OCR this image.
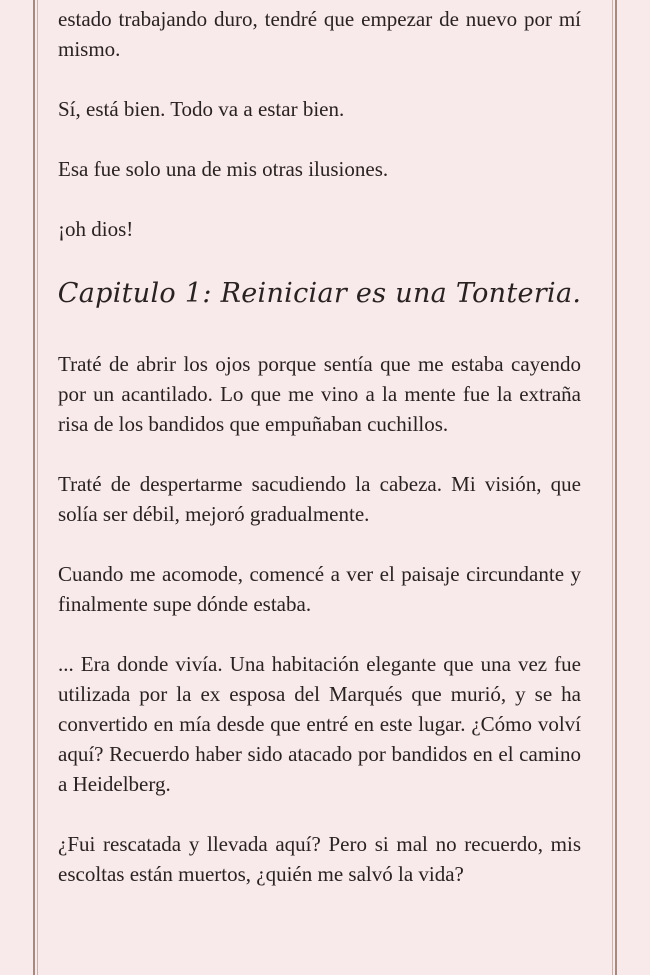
estado trabajando duro, tendré que empezar de nuevo por mí mismo.

Sí, está bien. Todo va a estar bien.

Esa fue solo una de mis otras ilusiones.

¡oh dios!

Capitulo 1: Reiniciar es una Tonteria.

Traté de abrir los ojos porque sentía que me estaba cayendo por un acantilado. Lo que me vino a la mente fue la extraña risa de los bandidos que empuñaban cuchillos.

Traté de despertarme sacudiendo la cabeza. Mi visión, que solía ser débil, mejoró gradualmente.

Cuando me acomode, comencé a ver el paisaje circundante y finalmente supe dónde estaba.

... Era donde vivía. Una habitación elegante que una vez fue utilizada por la ex esposa del Marqués que murió, y se ha convertido en mía desde que entré en este lugar. ¿Cómo volví aquí? Recuerdo haber sido atacado por bandidos en el camino a Heidelberg.

¿Fui rescatada y llevada aquí? Pero si mal no recuerdo, mis escoltas están muertos, ¿quién me salvó la vida?
